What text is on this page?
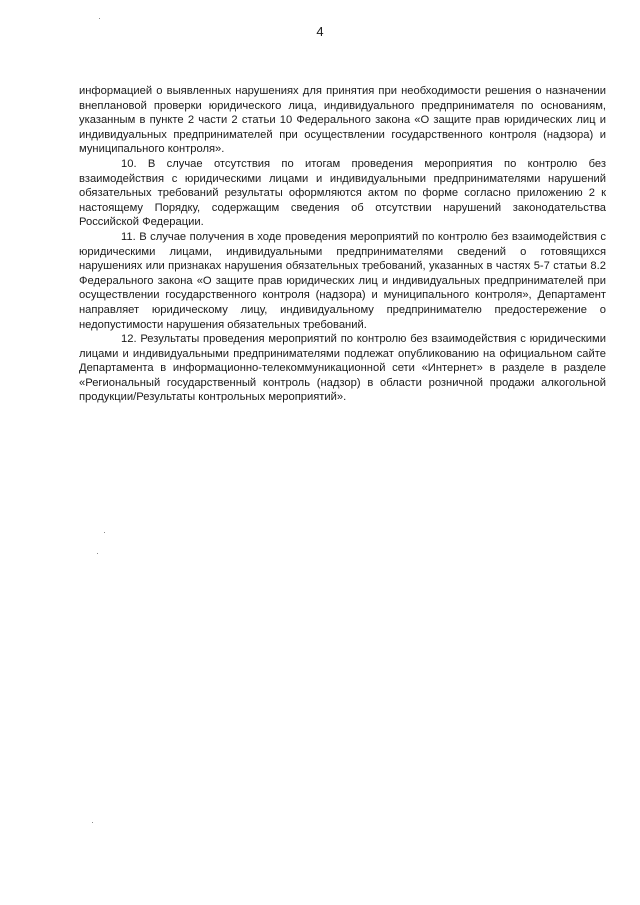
4

информацией о выявленных нарушениях для принятия при необходимости решения о назначении внеплановой проверки юридического лица, индивидуального предпринимателя по основаниям, указанным в пункте 2 части 2 статьи 10 Федерального закона «О защите прав юридических лиц и индивидуальных предпринимателей при осуществлении государственного контроля (надзора) и муниципального контроля».

10. В случае отсутствия по итогам проведения мероприятия по контролю без взаимодействия с юридическими лицами и индивидуальными предпринимателями нарушений обязательных требований результаты оформляются актом по форме согласно приложению 2 к настоящему Порядку, содержащим сведения об отсутствии нарушений законодательства Российской Федерации.

11. В случае получения в ходе проведения мероприятий по контролю без взаимодействия с юридическими лицами, индивидуальными предпринимателями сведений о готовящихся нарушениях или признаках нарушения обязательных требований, указанных в частях 5-7 статьи 8.2 Федерального закона «О защите прав юридических лиц и индивидуальных предпринимателей при осуществлении государственного контроля (надзора) и муниципального контроля», Департамент направляет юридическому лицу, индивидуальному предпринимателю предостережение о недопустимости нарушения обязательных требований.

12. Результаты проведения мероприятий по контролю без взаимодействия с юридическими лицами и индивидуальными предпринимателями подлежат опубликованию на официальном сайте Департамента в информационно-телекоммуникационной сети «Интернет» в разделе в разделе «Региональный государственный контроль (надзор) в области розничной продажи алкогольной продукции/Результаты контрольных мероприятий».
